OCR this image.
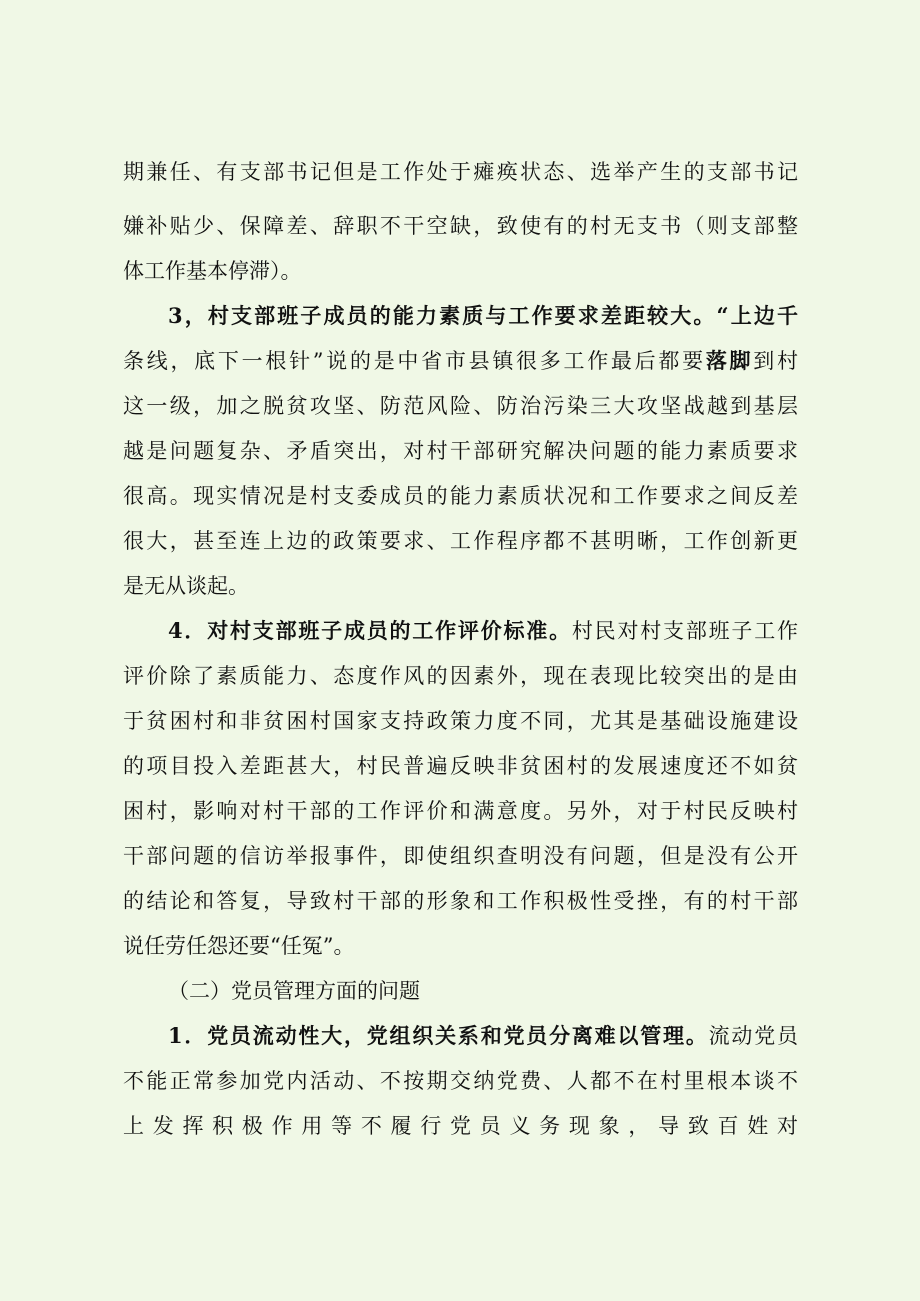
期兼任、有支部书记但是工作处于瘫痪状态、选举产生的支部书记
嫌补贴少、保障差、辞职不干空缺，致使有的村无支书（则支部整
体工作基本停滞）。
3，村支部班子成员的能力素质与工作要求差距较大。“上边千
条线，底下一根针”说的是中省市县镇很多工作最后都要落脚到村
这一级，加之脱贫攻坚、防范风险、防治污染三大攻坚战越到基层
越是问题复杂、矛盾突出，对村干部研究解决问题的能力素质要求
很高。现实情况是村支委成员的能力素质状况和工作要求之间反差
很大，甚至连上边的政策要求、工作程序都不甚明晰，工作创新更
是无从谈起。
4．对村支部班子成员的工作评价标准。村民对村支部班子工作
评价除了素质能力、态度作风的因素外，现在表现比较突出的是由
于贫困村和非贫困村国家支持政策力度不同，尤其是基础设施建设
的项目投入差距甚大，村民普遍反映非贫困村的发展速度还不如贫
困村，影响对村干部的工作评价和满意度。另外，对于村民反映村
干部问题的信访举报事件，即使组织查明没有问题，但是没有公开
的结论和答复，导致村干部的形象和工作积极性受挫，有的村干部
说任劳任怨还要“任冤”。
（二）党员管理方面的问题
1．党员流动性大，党组织关系和党员分离难以管理。流动党员
不能正常参加党内活动、不按期交纳党费、人都不在村里根本谈不
上发挥积极作用等不履行党员义务现象，导致百姓对
